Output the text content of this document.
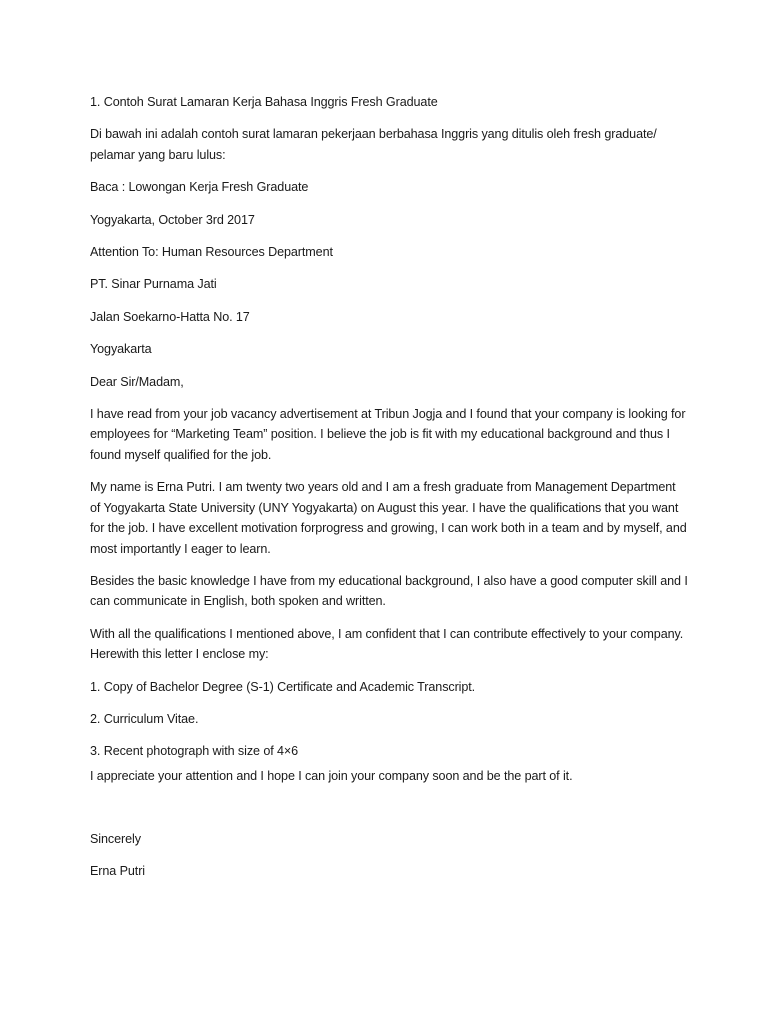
1. Contoh Surat Lamaran Kerja Bahasa Inggris Fresh Graduate

Di bawah ini adalah contoh surat lamaran pekerjaan berbahasa Inggris yang ditulis oleh fresh graduate/ pelamar yang baru lulus:

Baca : Lowongan Kerja Fresh Graduate

Yogyakarta, October 3rd 2017

Attention To: Human Resources Department

PT. Sinar Purnama Jati

Jalan Soekarno-Hatta No. 17

Yogyakarta

Dear Sir/Madam,

I have read from your job vacancy advertisement at Tribun Jogja and I found that your company is looking for employees for “Marketing Team” position. I believe the job is fit with my educational background and thus I found myself qualified for the job.

My name is Erna Putri. I am twenty two years old and I am a fresh graduate from Management Department of Yogyakarta State University (UNY Yogyakarta) on August this year. I have the qualifications that you want for the job. I have excellent motivation forprogress and growing, I can work both in a team and by myself, and most importantly I eager to learn.

Besides the basic knowledge I have from my educational background, I also have a good computer skill and I can communicate in English, both spoken and written.

With all the qualifications I mentioned above, I am confident that I can contribute effectively to your company. Herewith this letter I enclose my:

1. Copy of Bachelor Degree (S-1) Certificate and Academic Transcript.

2. Curriculum Vitae.

3. Recent photograph with size of 4×6

I appreciate your attention and I hope I can join your company soon and be the part of it.

Sincerely

Erna Putri
